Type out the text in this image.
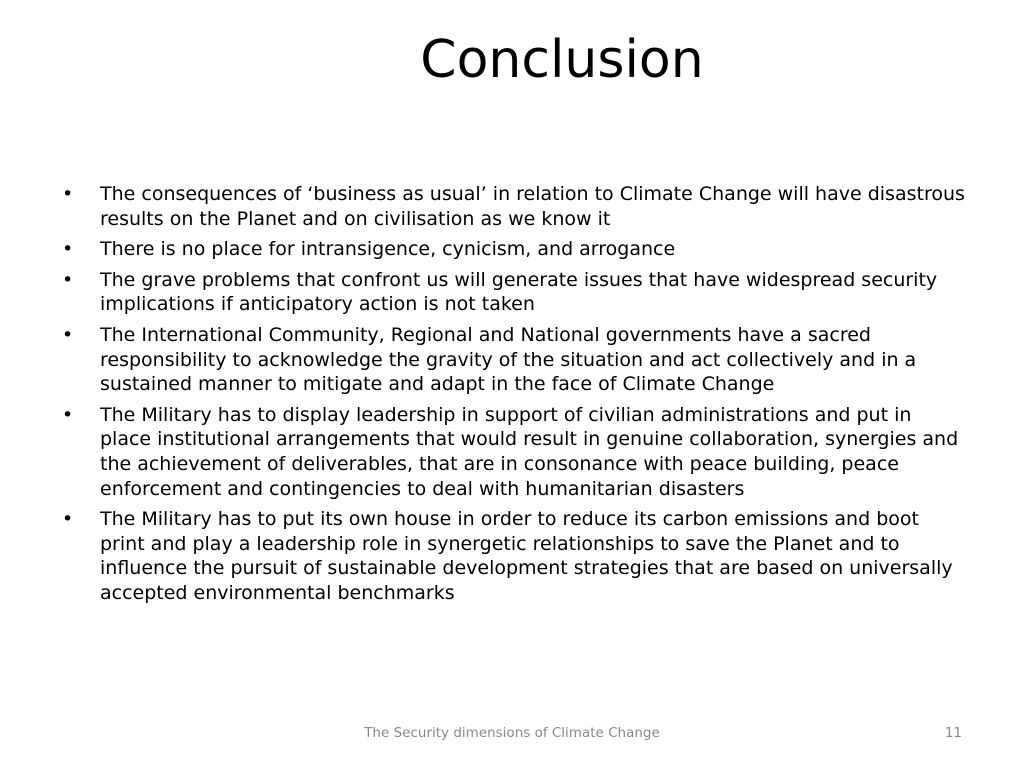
Conclusion
• The consequences of ‘business as usual’ in relation to Climate Change will have disastrous results on the Planet and on civilisation as we know it
• There is no place for intransigence, cynicism, and arrogance
• The grave problems that confront us will generate issues that have widespread security implications if anticipatory action is not taken
• The International Community, Regional and National governments have a sacred responsibility to acknowledge the gravity of the situation and act collectively and in a sustained manner to mitigate and adapt in the face of Climate Change
• The Military has to display leadership in support of civilian administrations and put in place institutional arrangements that would result in genuine collaboration, synergies and the achievement of deliverables, that are in consonance with peace building, peace enforcement and contingencies to deal with humanitarian disasters
• The Military has to put its own house in order to reduce its carbon emissions and boot print and play a leadership role in synergetic relationships to save the Planet and to influence the pursuit of sustainable development strategies that are based on universally accepted environmental benchmarks
The Security dimensions of Climate Change	11
